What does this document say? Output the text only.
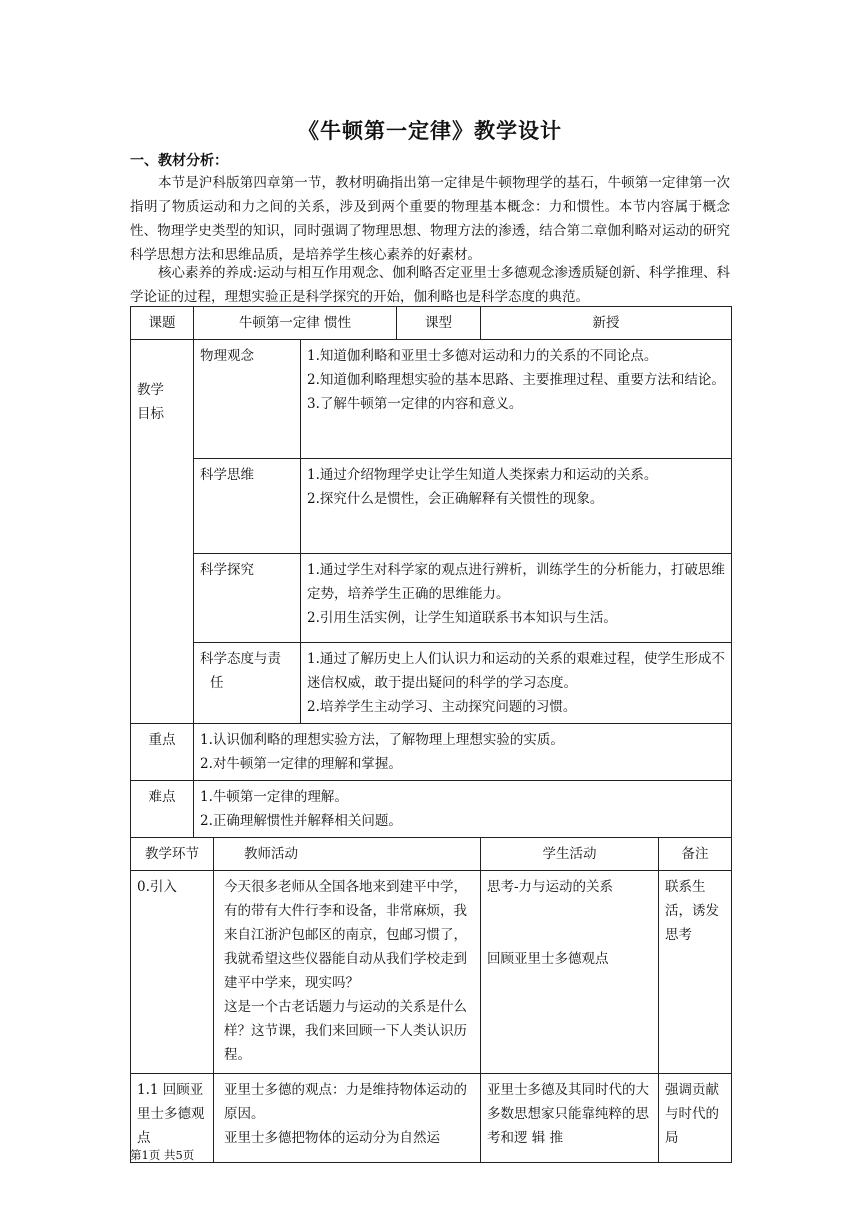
《牛顿第一定律》教学设计
一、教材分析：
本节是沪科版第四章第一节，教材明确指出第一定律是牛顿物理学的基石，牛顿第一定律第一次指明了物质运动和力之间的关系，涉及到两个重要的物理基本概念：力和惯性。本节内容属于概念性、物理学史类型的知识，同时强调了物理思想、物理方法的渗透，结合第二章伽利略对运动的研究科学思想方法和思维品质，是培养学生核心素养的好素材。
核心素养的养成:运动与相互作用观念、伽利略否定亚里士多德观念渗透质疑创新、科学推理、科学论证的过程，理想实验正是科学探究的开始，伽利略也是科学态度的典范。
课题	牛顿第一定律 惯性			课型	新授	

教学目标	物理观念		1.知道伽利略和亚里士多德对运动和力的关系的不同论点。
2.知道伽利略理想实验的基本思路、主要推理过程、重要方法和结论。
3.了解牛顿第一定律的内容和意义。			

	科学思维		1.通过介绍物理学史让学生知道人类探索力和运动的关系。
2.探究什么是惯性，会正确解释有关惯性的现象。			

	科学探究		1.通过学生对科学家的观点进行辨析，训练学生的分析能力，打破思维定势，培养学生正确的思维能力。
2.引用生活实例，让学生知道联系书本知识与生活。			

	科学态度与责
任		1.通过了解历史上人们认识力和运动的关系的艰难过程，使学生形成不迷信权威，敢于提出疑问的科学的学习态度。
2.培养学生主动学习、主动探究问题的习惯。			

重点	1.认识伽利略的理想实验方法，了解物理上理想实验的实质。
2.对牛顿第一定律的理解和掌握。					

难点	1.牛顿第一定律的理解。
2.正确理解惯性并解释相关问题。					

教学环节		教师活动			学生活动	备注
0.引入		今天很多老师从全国各地来到建平中学，有的带有大件行李和设备，非常麻烦，我来自江浙沪包邮区的南京，包邮习惯了，我就希望这些仪器能自动从我们学校走到建平中学来，现实吗？
这是一个古老话题力与运动的关系是什么样？这节课，我们来回顾一下人类认识历程。			思考-力与运动的关系
回顾亚里士多德观点	联系生活，诱发思考
1.1 回顾亚里士多德观点		亚里士多德的观点：力是维持物体运动的原因。
亚里士多德把物体的运动分为自然运			亚里士多德及其同时代的大多数思想家只能靠纯粹的思考和逻 辑 推	强调贡献与时代的局
第1页 共5页
